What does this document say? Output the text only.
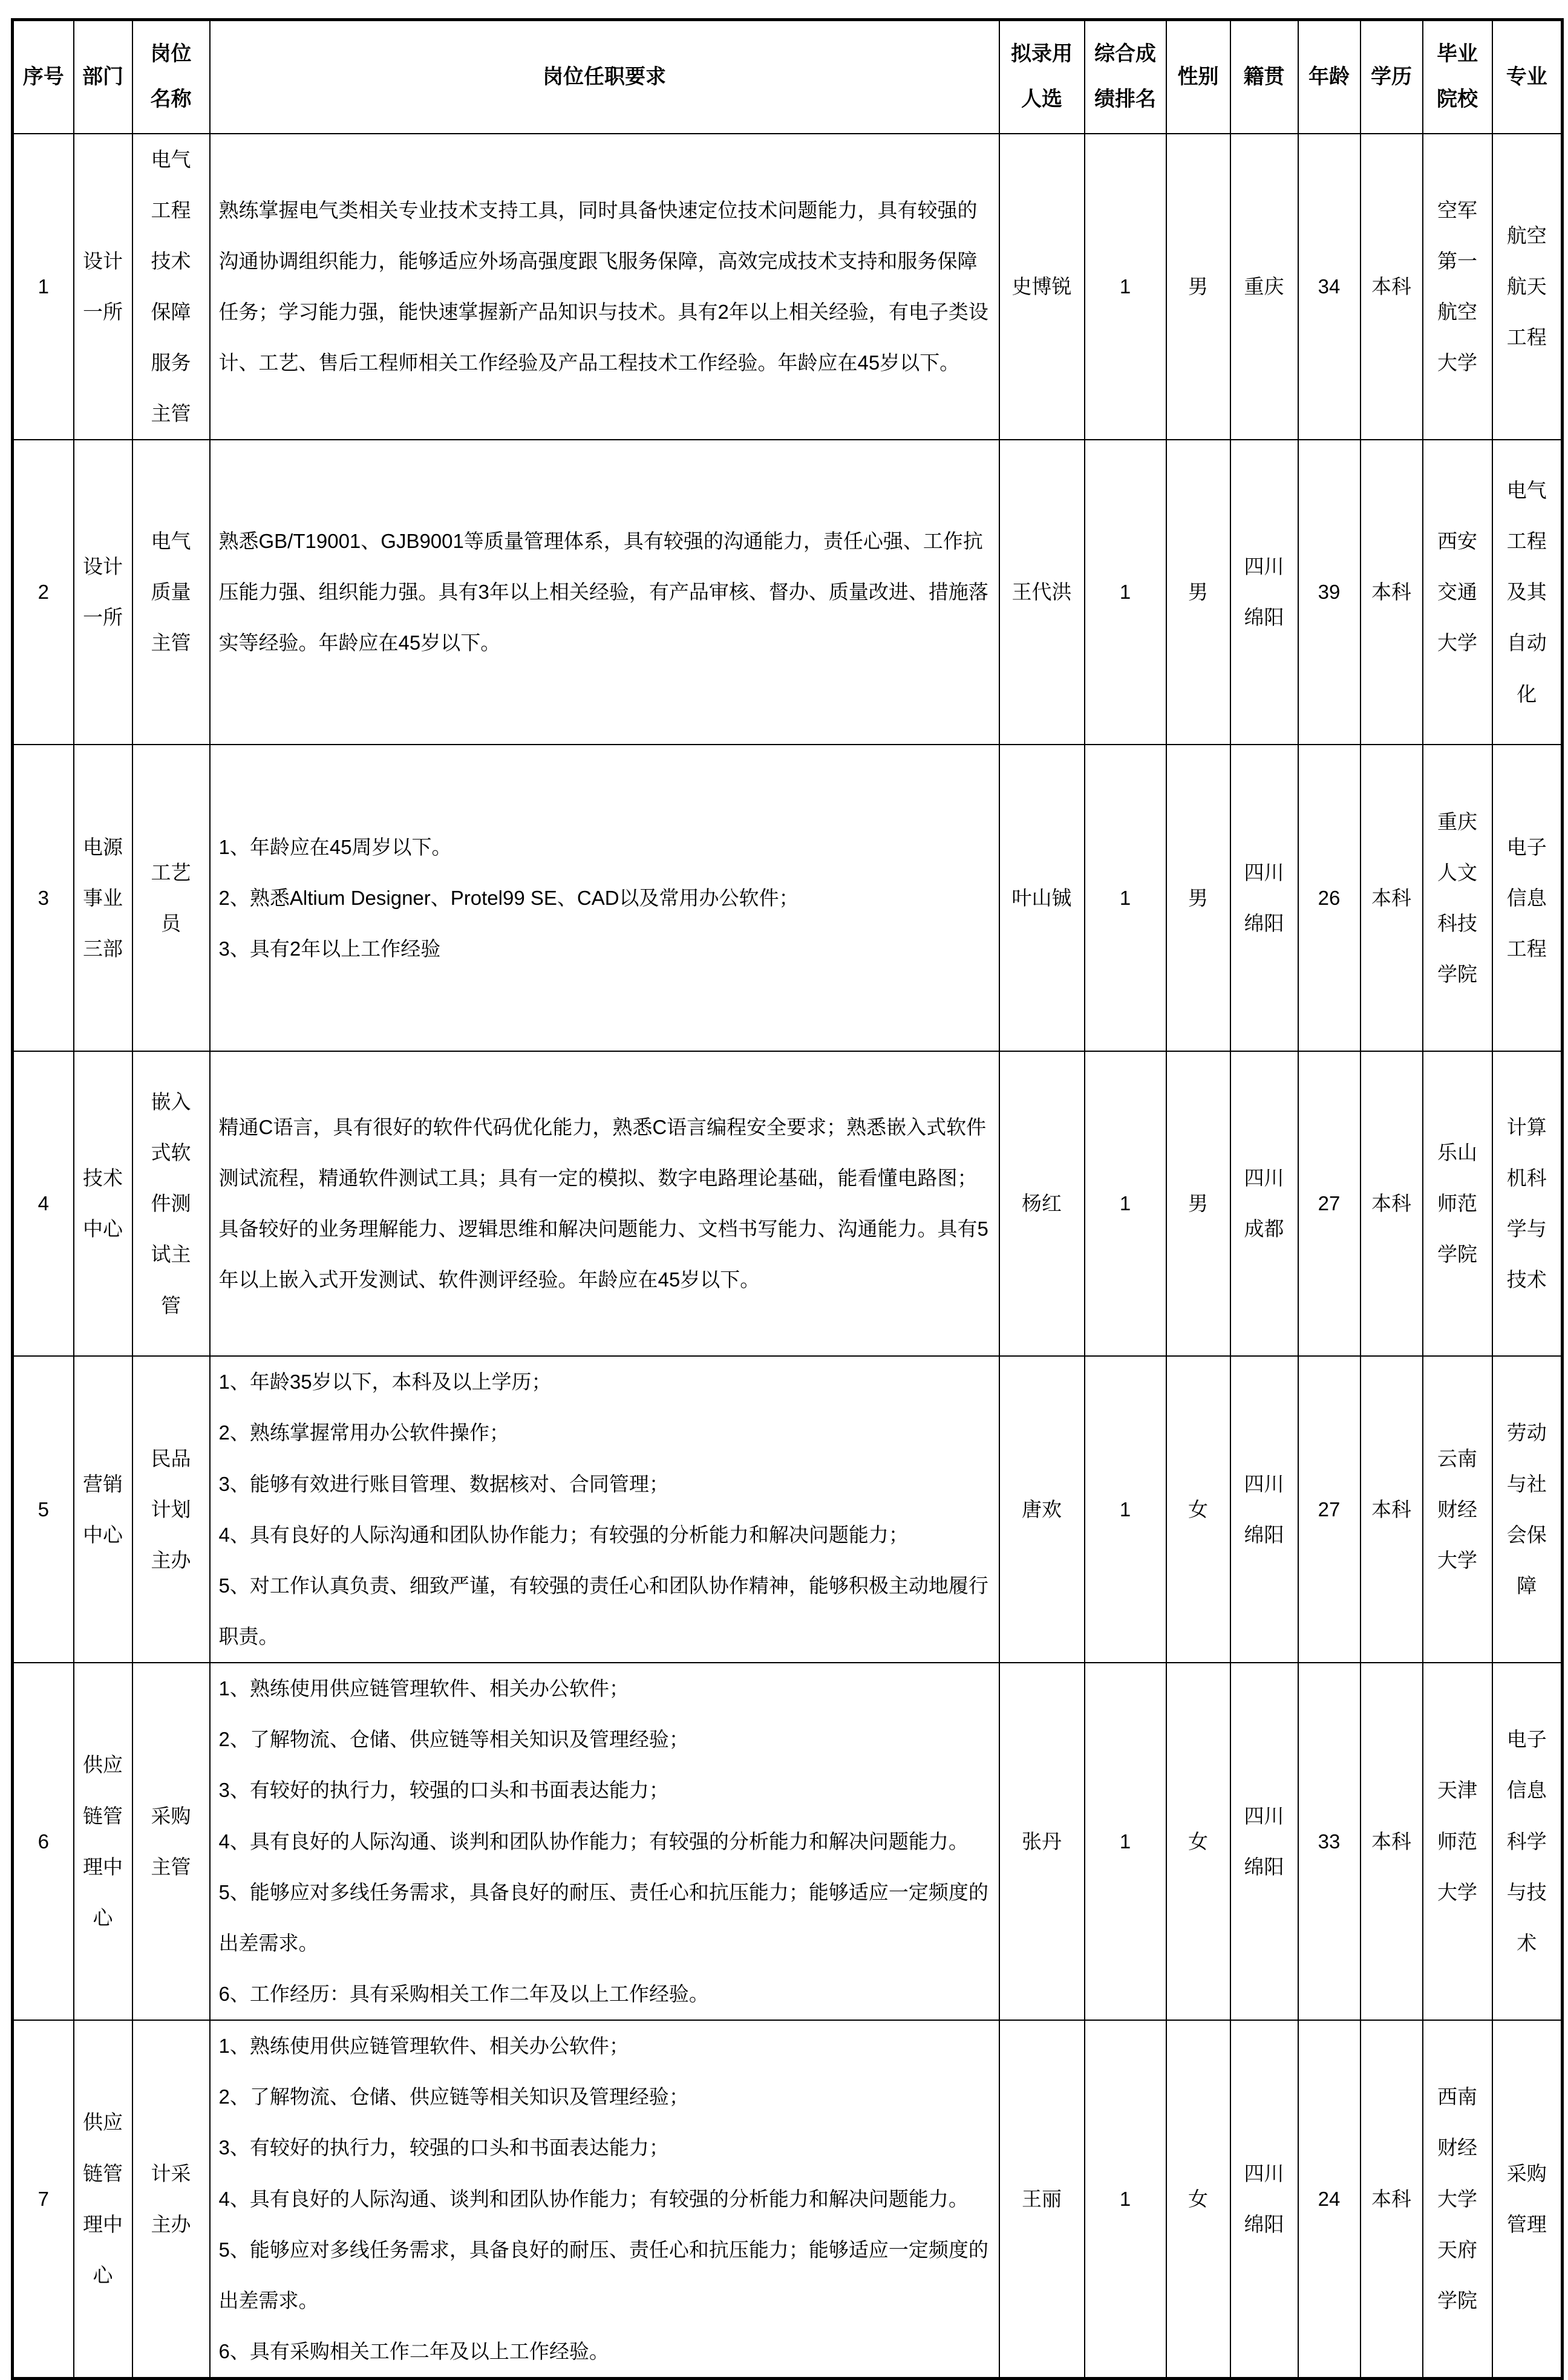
序号	部门	岗位名称	岗位任职要求	拟录用人选	综合成绩排名	性别	籍贯	年龄	学历	毕业院校	专业
1	设计一所	电气工程技术保障服务主管	熟练掌握电气类相关专业技术支持工具，同时具备快速定位技术问题能力，具有较强的沟通协调组织能力，能够适应外场高强度跟飞服务保障，高效完成技术支持和服务保障任务；学习能力强，能快速掌握新产品知识与技术。具有2年以上相关经验，有电子类设计、工艺、售后工程师相关工作经验及产品工程技术工作经验。年龄应在45岁以下。	史博锐	1	男	重庆	34	本科	空军第一航空大学	航空航天工程
2	设计一所	电气质量主管	熟悉GB/T19001、GJB9001等质量管理体系，具有较强的沟通能力，责任心强、工作抗压能力强、组织能力强。具有3年以上相关经验，有产品审核、督办、质量改进、措施落实等经验。年龄应在45岁以下。	王代洪	1	男	四川绵阳	39	本科	西安交通大学	电气工程及其自动化
3	电源事业三部	工艺员	1、年龄应在45周岁以下。
2、熟悉Altium Designer、Protel99 SE、CAD以及常用办公软件；
3、具有2年以上工作经验	叶山铖	1	男	四川绵阳	26	本科	重庆人文科技学院	电子信息工程
4	技术中心	嵌入式软件测试主管	精通C语言，具有很好的软件代码优化能力，熟悉C语言编程安全要求；熟悉嵌入式软件测试流程，精通软件测试工具；具有一定的模拟、数字电路理论基础，能看懂电路图；具备较好的业务理解能力、逻辑思维和解决问题能力、文档书写能力、沟通能力。具有5年以上嵌入式开发测试、软件测评经验。年龄应在45岁以下。	杨红	1	男	四川成都	27	本科	乐山师范学院	计算机科学与技术
5	营销中心	民品计划主办	1、年龄35岁以下，本科及以上学历；
2、熟练掌握常用办公软件操作；
3、能够有效进行账目管理、数据核对、合同管理；
4、具有良好的人际沟通和团队协作能力；有较强的分析能力和解决问题能力；
5、对工作认真负责、细致严谨，有较强的责任心和团队协作精神，能够积极主动地履行职责。	唐欢	1	女	四川绵阳	27	本科	云南财经大学	劳动与社会保障
6	供应链管理中心	采购主管	
1、熟练使用供应链管理软件、相关办公软件；
2、了解物流、仓储、供应链等相关知识及管理经验；
3、有较好的执行力，较强的口头和书面表达能力；
4、具有良好的人际沟通、谈判和团队协作能力；有较强的分析能力和解决问题能力。
5、能够应对多线任务需求，具备良好的耐压、责任心和抗压能力；能够适应一定频度的出差需求。
6、工作经历：具有采购相关工作二年及以上工作经验。
	张丹	1	女	四川绵阳	33	本科	天津师范大学	电子信息科学与技术
7	供应链管理中心	计采主办	
1、熟练使用供应链管理软件、相关办公软件；
2、了解物流、仓储、供应链等相关知识及管理经验；
3、有较好的执行力，较强的口头和书面表达能力；
4、具有良好的人际沟通、谈判和团队协作能力；有较强的分析能力和解决问题能力。
5、能够应对多线任务需求，具备良好的耐压、责任心和抗压能力；能够适应一定频度的出差需求。
6、具有采购相关工作二年及以上工作经验。
	王丽	1	女	四川绵阳	24	本科	西南财经大学天府学院	采购管理
